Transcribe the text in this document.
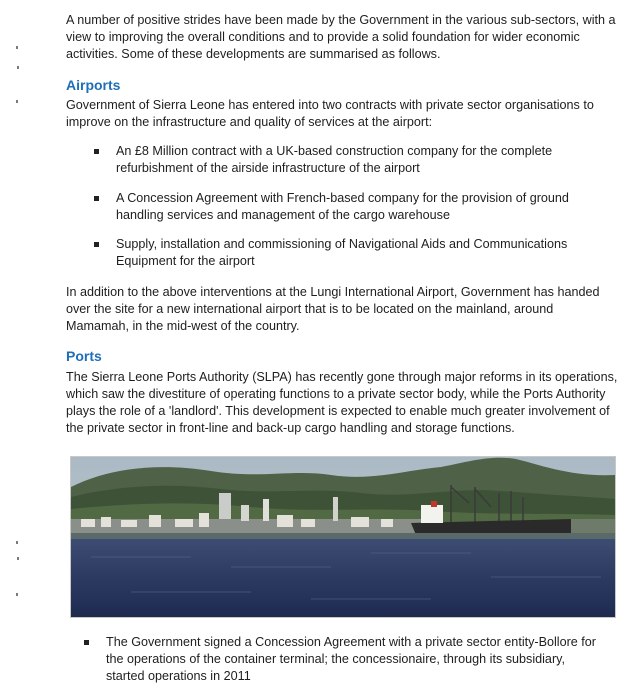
A number of positive strides have been made by the Government in the various sub-sectors, with a view to improving the overall conditions and to provide a solid foundation for wider economic activities. Some of these developments are summarised as follows.

Airports

Government of Sierra Leone has entered into two contracts with private sector organisations to improve on the infrastructure and quality of services at the airport:

An £8 Million contract with a UK-based construction company for the complete refurbishment of the airside infrastructure of the airport
A Concession Agreement with French-based company for the provision of ground handling services and management of the cargo warehouse
Supply, installation and commissioning of Navigational Aids and Communications Equipment for the airport

In addition to the above interventions at the Lungi International Airport, Government has handed over the site for a new international airport that is to be located on the mainland, around Mamamah, in the mid-west of the country.

Ports

The Sierra Leone Ports Authority (SLPA) has recently gone through major reforms in its operations, which saw the divestiture of operating functions to a private sector body, while the Ports Authority plays the role of a 'landlord'. This development is expected to enable much greater involvement of the private sector in front-line and back-up cargo handling and storage functions.

The Government signed a Concession Agreement with a private sector entity-Bollore for the operations of the container terminal; the concessionaire, through its subsidiary, started operations in 2011
